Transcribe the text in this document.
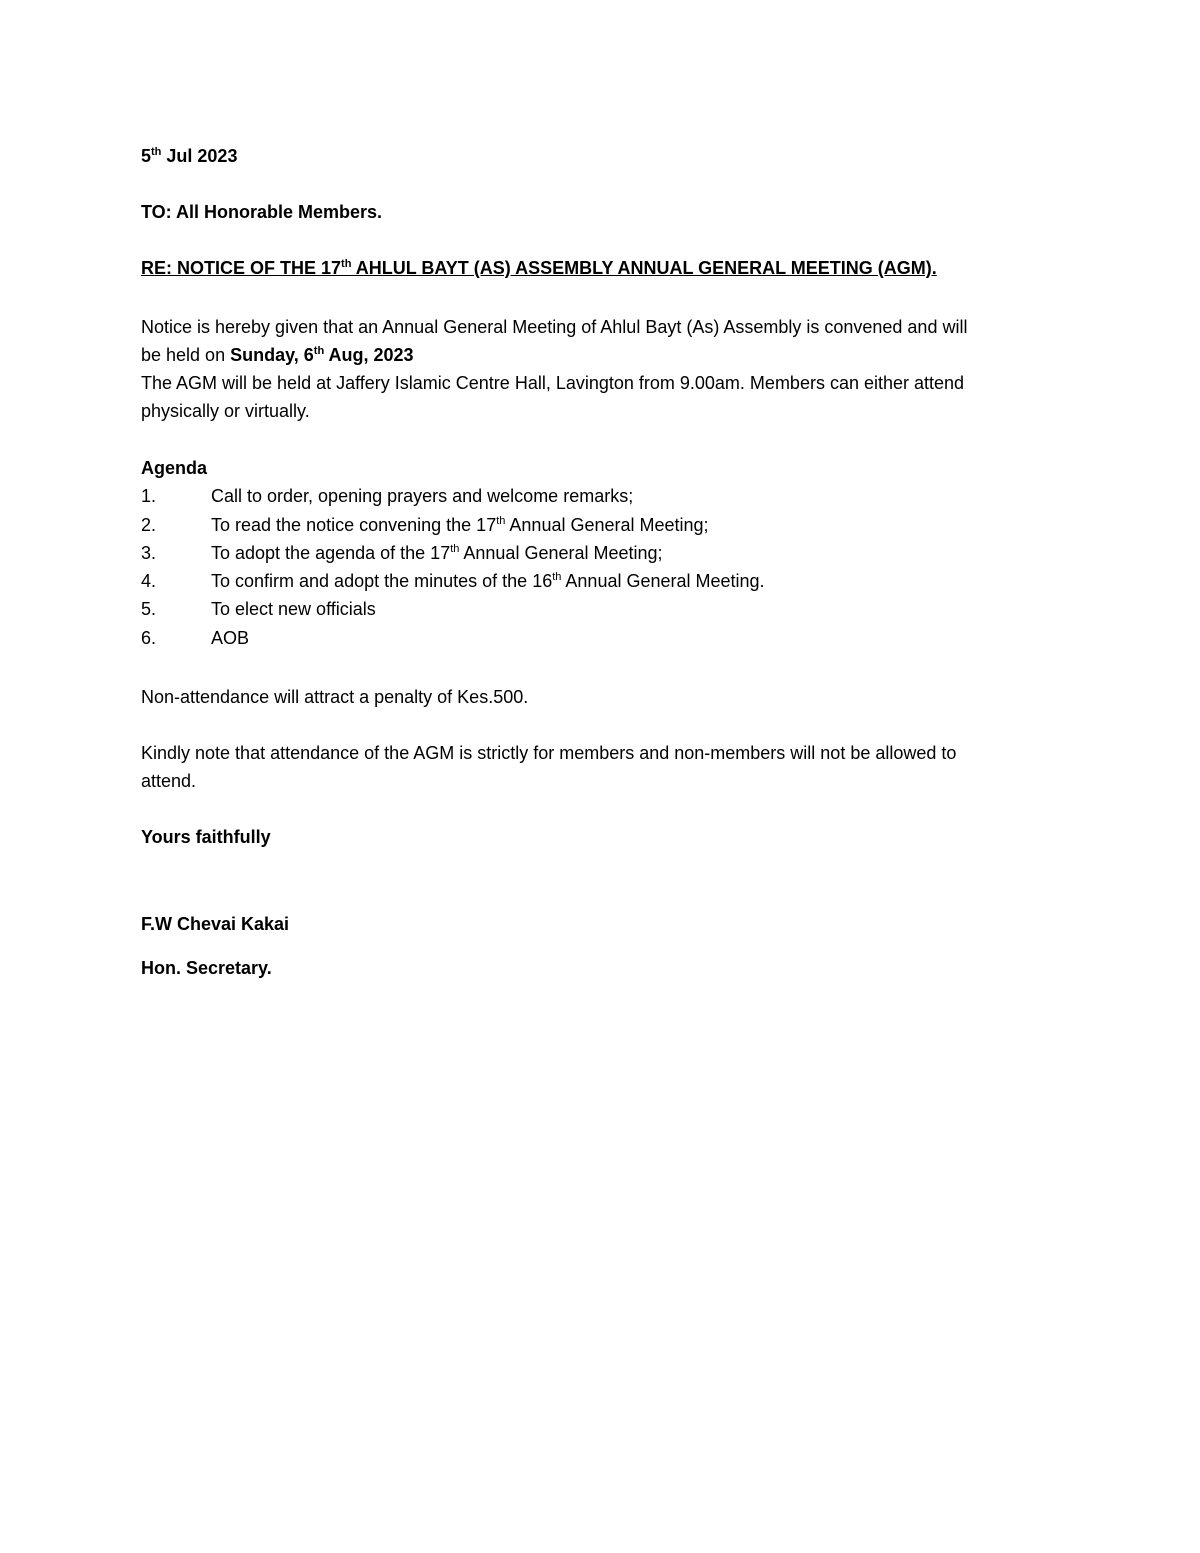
5th Jul 2023
TO: All Honorable Members.
RE: NOTICE OF THE 17th AHLUL BAYT (AS) ASSEMBLY ANNUAL GENERAL MEETING (AGM).
Notice is hereby given that an Annual General Meeting of Ahlul Bayt (As) Assembly is convened and will
be held on Sunday, 6th Aug, 2023
The AGM will be held at Jaffery Islamic Centre Hall, Lavington from 9.00am. Members can either attend
physically or virtually.
Agenda
1.	Call to order, opening prayers and welcome remarks;
2.	To read the notice convening the 17th Annual General Meeting;
3.	To adopt the agenda of the 17th Annual General Meeting;
4.	To confirm and adopt the minutes of the 16th Annual General Meeting.
5.	To elect new officials
6.	AOB
Non-attendance will attract a penalty of Kes.500.
Kindly note that attendance of the AGM is strictly for members and non-members will not be allowed to
attend.
Yours faithfully
F.W Chevai Kakai
Hon. Secretary.
